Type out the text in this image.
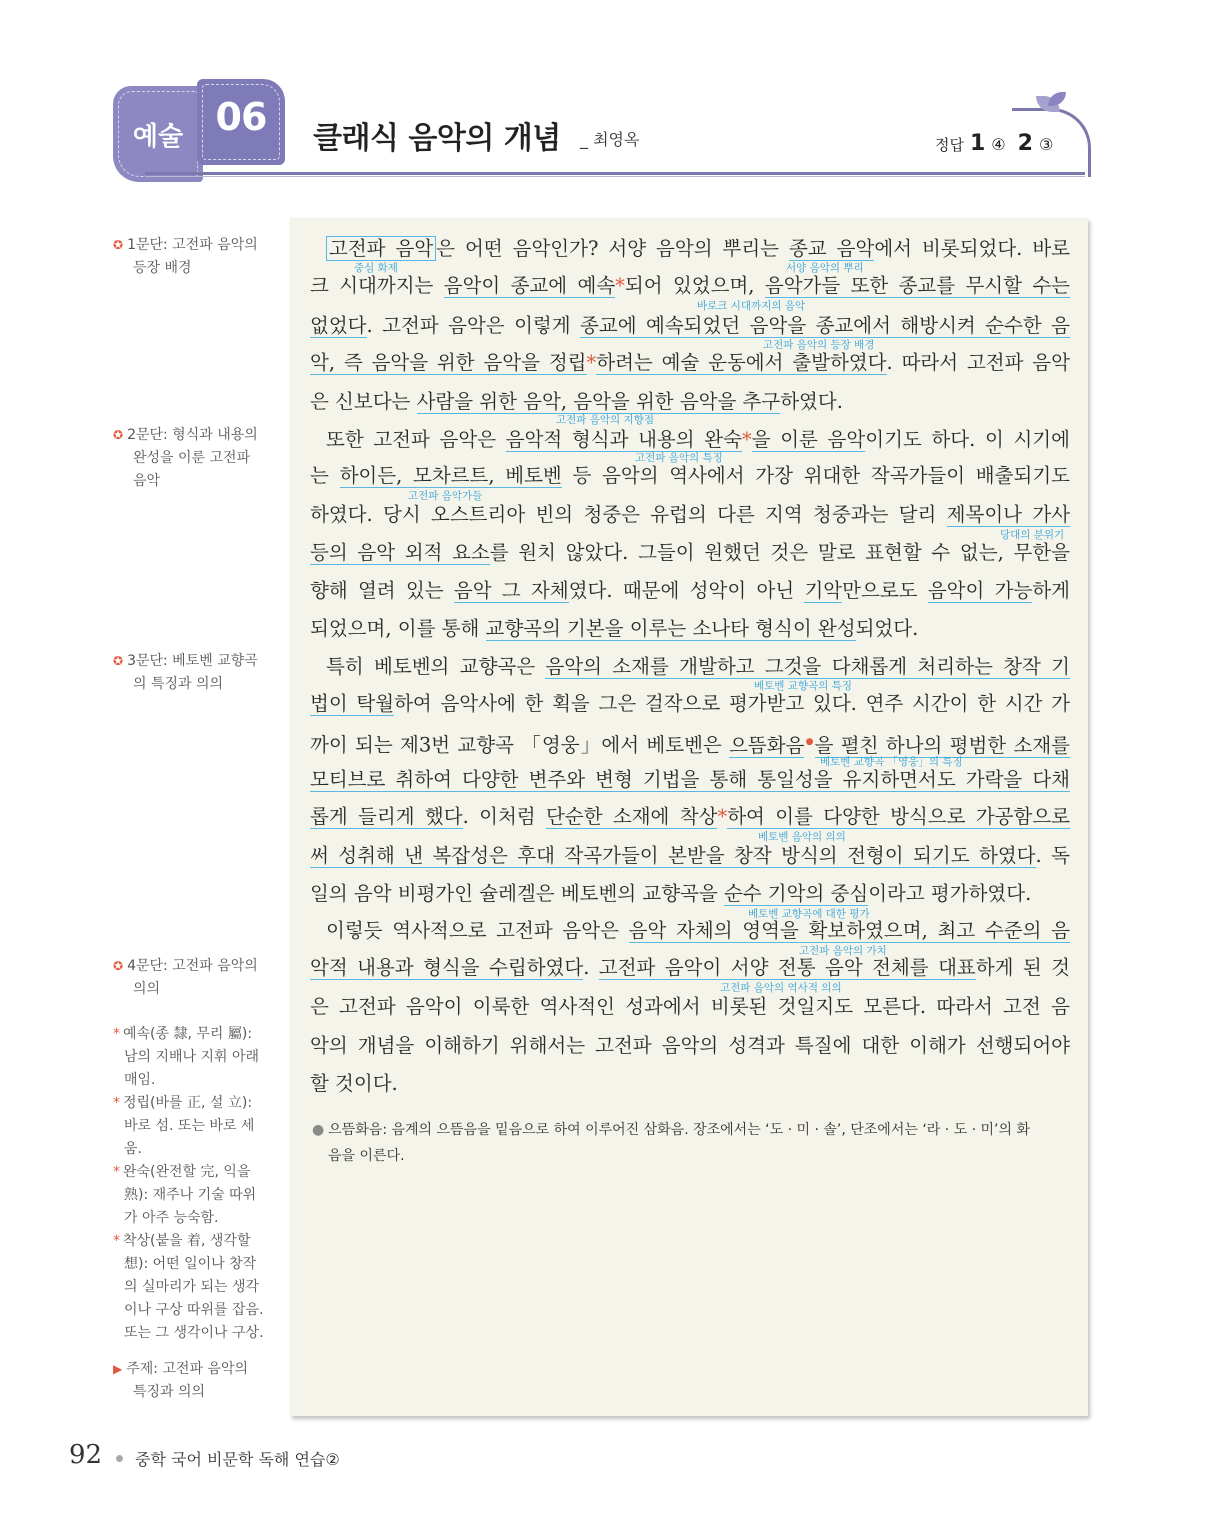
예술 06	클래식 음악의 개념 _ 최영옥	정답 1 ④ 2 ③
✪ 1문단: 고전파 음악의
등장 배경
✪ 2문단: 형식과 내용의
완성을 이룬 고전파
음악
✪ 3문단: 베토벤 교향곡
의 특징과 의의
✪ 4문단: 고전파 음악의
의의
* 예속(종 隸, 무리 屬):
남의 지배나 지휘 아래
매임.
* 정립(바를 正, 설 立):
바로 섬. 또는 바로 세움.
* 완숙(완전할 完, 익을
熟): 재주나 기술 따위
가 아주 능숙함.
* 착상(붙을 着, 생각할
想): 어떤 일이나 창작
의 실마리가 되는 생각
이나 구상 따위를 잡음.
또는 그 생각이나 구상.
▶ 주제: 고전파 음악의
특징과 의의
고전파 음악 은 어떤 음악인가? 서양 음악의 뿌리는 종교 음악에서 비롯되었다. 바로
크 시대까지는 음악이 종교에 예속*되어 있었으며, 음악가들 또한 종교를 무시할 수는
없었다. 고전파 음악은 이렇게 종교에 예속되었던 음악을 종교에서 해방시켜 순수한 음
악, 즉 음악을 위한 음악을 정립*하려는 예술 운동에서 출발하였다. 따라서 고전파 음악
은 신보다는 사람을 위한 음악, 음악을 위한 음악을 추구하였다.
또한 고전파 음악은 음악적 형식과 내용의 완숙*을 이룬 음악이기도 하다. 이 시기에
는 하이든, 모차르트, 베토벤 등 음악의 역사에서 가장 위대한 작곡가들이 배출되기도
하였다. 당시 오스트리아 빈의 청중은 유럽의 다른 지역 청중과는 달리 제목이나 가사
등의 음악 외적 요소를 원치 않았다. 그들이 원했던 것은 말로 표현할 수 없는, 무한을
향해 열려 있는 음악 그 자체였다. 때문에 성악이 아닌 기악만으로도 음악이 가능하게
되었으며, 이를 통해 교향곡의 기본을 이루는 소나타 형식이 완성되었다.
특히 베토벤의 교향곡은 음악의 소재를 개발하고 그것을 다채롭게 처리하는 창작 기
법이 탁월하여 음악사에 한 획을 그은 걸작으로 평가받고 있다. 연주 시간이 한 시간 가
까이 되는 제3번 교향곡 「영웅」에서 베토벤은 으뜸화음●을 펼친 하나의 평범한 소재를
모티브로 취하여 다양한 변주와 변형 기법을 통해 통일성을 유지하면서도 가락을 다채
롭게 들리게 했다. 이처럼 단순한 소재에 착상*하여 이를 다양한 방식으로 가공함으로
써 성취해 낸 복잡성은 후대 작곡가들이 본받을 창작 방식의 전형이 되기도 하였다. 독
일의 음악 비평가인 슐레겔은 베토벤의 교향곡을 순수 기악의 중심이라고 평가하였다.
이렇듯 역사적으로 고전파 음악은 음악 자체의 영역을 확보하였으며, 최고 수준의 음
악적 내용과 형식을 수립하였다. 고전파 음악이 서양 전통 음악 전체를 대표하게 된 것
은 고전파 음악이 이룩한 역사적인 성과에서 비롯된 것일지도 모른다. 따라서 고전 음
악의 개념을 이해하기 위해서는 고전파 음악의 성격과 특질에 대한 이해가 선행되어야
할 것이다.
중심 화제	서양 음악의 뿌리
바로크 시대까지의 음악
고전파 음악의 등장 배경
고전파 음악의 지향점
고전파 음악의 특징
고전파 음악가들
당대의 분위기
베토벤 교향곡의 특징
베토벤 교향곡 「영웅」의 특징
베토벤 음악의 의의
베토벤 교향곡에 대한 평가
고전파 음악의 가치
고전파 음악의 역사적 의의
● 으뜸화음: 음계의 으뜸음을 밑음으로 하여 이루어진 삼화음. 장조에서는 ‘도 · 미 · 솔’, 단조에서는 ‘라 · 도 · 미’의 화
음을 이른다.
92 중학 국어 비문학 독해 연습②
